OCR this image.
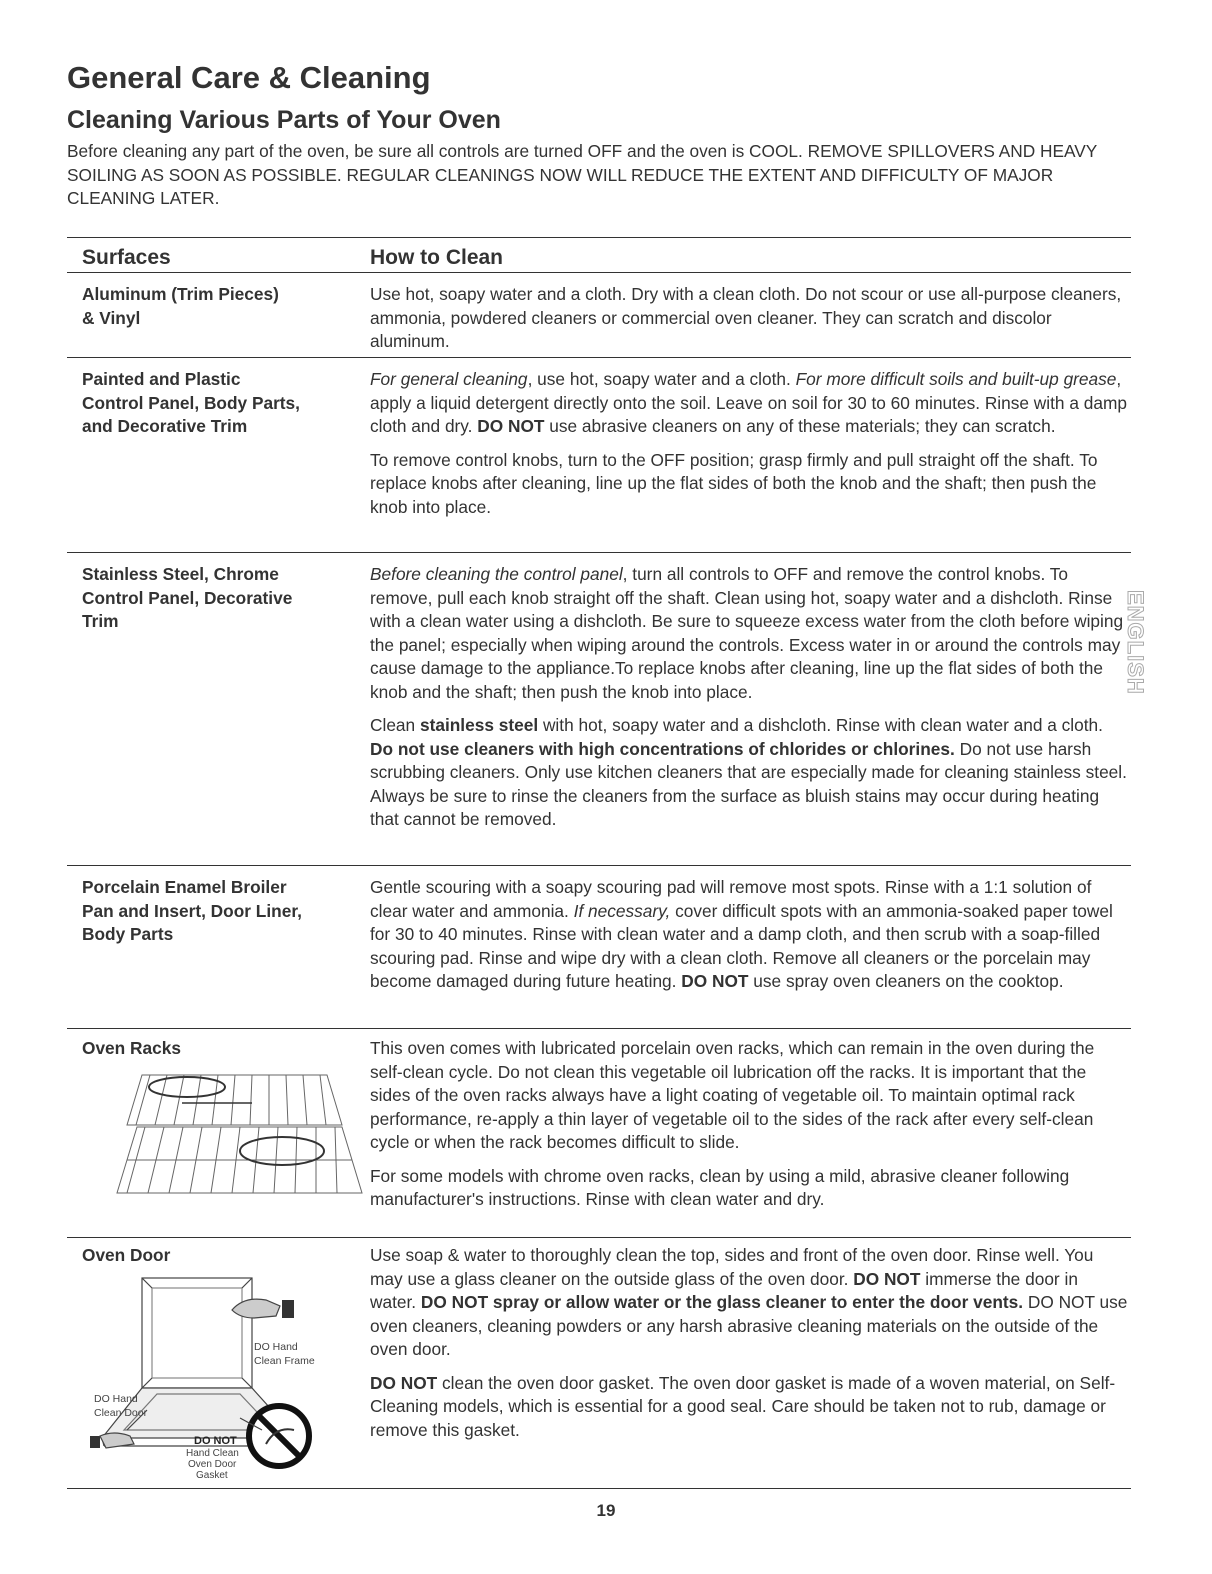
General Care & Cleaning
Cleaning Various Parts of Your Oven

Before cleaning any part of the oven, be sure all controls are turned OFF and the oven is COOL. REMOVE SPILLOVERS AND HEAVY SOILING AS SOON AS POSSIBLE. REGULAR CLEANINGS NOW WILL REDUCE THE EXTENT AND DIFFICULTY OF MAJOR CLEANING LATER.

Surfaces	How to Clean
Aluminum (Trim Pieces)
& Vinyl

Use hot, soapy water and a cloth. Dry with a clean cloth. Do not scour or use all-purpose cleaners, ammonia, powdered cleaners or commercial oven cleaner. They can scratch and discolor aluminum.

Painted and Plastic
Control Panel, Body Parts,
and Decorative Trim

For general cleaning, use hot, soapy water and a cloth. For more difficult soils and built-up grease, apply a liquid detergent directly onto the soil. Leave on soil for 30 to 60 minutes. Rinse with a damp cloth and dry. DO NOT use abrasive cleaners on any of these materials; they can scratch.

To remove control knobs, turn to the OFF position; grasp firmly and pull straight off the shaft. To replace knobs after cleaning, line up the flat sides of both the knob and the shaft; then push the knob into place.

Stainless Steel, Chrome
Control Panel, Decorative
Trim

Before cleaning the control panel, turn all controls to OFF and remove the control knobs. To remove, pull each knob straight off the shaft. Clean using hot, soapy water and a dishcloth. Rinse with a clean water using a dishcloth. Be sure to squeeze excess water from the cloth before wiping the panel; especially when wiping around the controls. Excess water in or around the controls may cause damage to the appliance.To replace knobs after cleaning, line up the flat sides of both the knob and the shaft; then push the knob into place.

Clean stainless steel with hot, soapy water and a dishcloth. Rinse with clean water and a cloth. Do not use cleaners with high concentrations of chlorides or chlorines. Do not use harsh scrubbing cleaners. Only use kitchen cleaners that are especially made for cleaning stainless steel. Always be sure to rinse the cleaners from the surface as bluish stains may occur during heating that cannot be removed.

Porcelain Enamel Broiler
Pan and Insert, Door Liner,
Body Parts

Gentle scouring with a soapy scouring pad will remove most spots. Rinse with a 1:1 solution of clear water and ammonia. If necessary, cover difficult spots with an ammonia-soaked paper towel for 30 to 40 minutes. Rinse with clean water and a damp cloth, and then scrub with a soap-filled scouring pad. Rinse and wipe dry with a clean cloth. Remove all cleaners or the porcelain may become damaged during future heating. DO NOT use spray oven cleaners on the cooktop.

Oven Racks	This oven comes with lubricated porcelain oven racks, which can remain in the oven during the self-clean cycle. Do not clean this vegetable oil lubrication off the racks. It is important that the sides of the oven racks always have a light coating of vegetable oil. To maintain optimal rack performance, re-apply a thin layer of vegetable oil to the sides of the rack after every self-clean cycle or when the rack becomes difficult to slide.

For some models with chrome oven racks, clean by using a mild, abrasive cleaner following manufacturer's instructions. Rinse with clean water and dry.

Oven Door
DO Hand
Clean Frame
DO Hand
Clean Door
DO NOT
Hand Clean
Oven Door
Gasket

Use soap & water to thoroughly clean the top, sides and front of the oven door. Rinse well. You may use a glass cleaner on the outside glass of the oven door. DO NOT immerse the door in water. DO NOT spray or allow water or the glass cleaner to enter the door vents. DO NOT use oven cleaners, cleaning powders or any harsh abrasive cleaning materials on the outside of the oven door.

DO NOT clean the oven door gasket. The oven door gasket is made of a woven material, on Self-Cleaning models, which is essential for a good seal. Care should be taken not to rub, damage or remove this gasket.

ENGLISH
19
